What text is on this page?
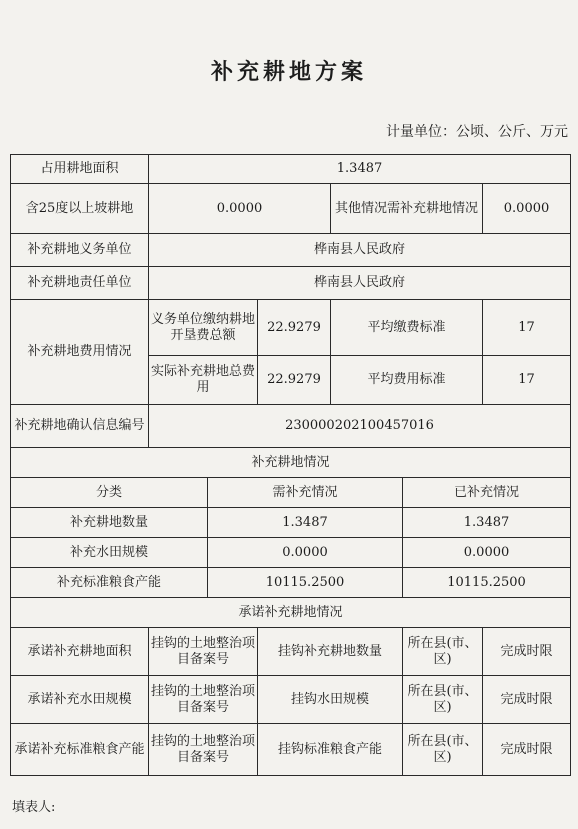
补充耕地方案
计量单位：公顷、公斤、万元
占用耕地面积	1.3487					
含25度以上坡耕地	0.0000			其他情况需补充耕地情况		0.0000
补充耕地义务单位	桦南县人民政府					
补充耕地责任单位	桦南县人民政府					
补充耕地费用情况	义务单位缴纳耕地开垦费总额		22.9279	平均缴费标准		17
	实际补充耕地总费用		22.9279	平均费用标准		17
补充耕地确认信息编号	230000202100457016					
补充耕地情况						
分类		需补充情况			已补充情况	
补充耕地数量		1.3487			1.3487	
补充水田规模		0.0000			0.0000	
补充标准粮食产能		10115.2500			10115.2500	
承诺补充耕地情况						
承诺补充耕地面积	挂钩的土地整治项目备案号		挂钩补充耕地数量		所在县(市、区)	完成时限
承诺补充水田规模	挂钩的土地整治项目备案号		挂钩水田规模		所在县(市、区)	完成时限
承诺补充标准粮食产能	挂钩的土地整治项目备案号		挂钩标准粮食产能		所在县(市、区)	完成时限
填表人:
